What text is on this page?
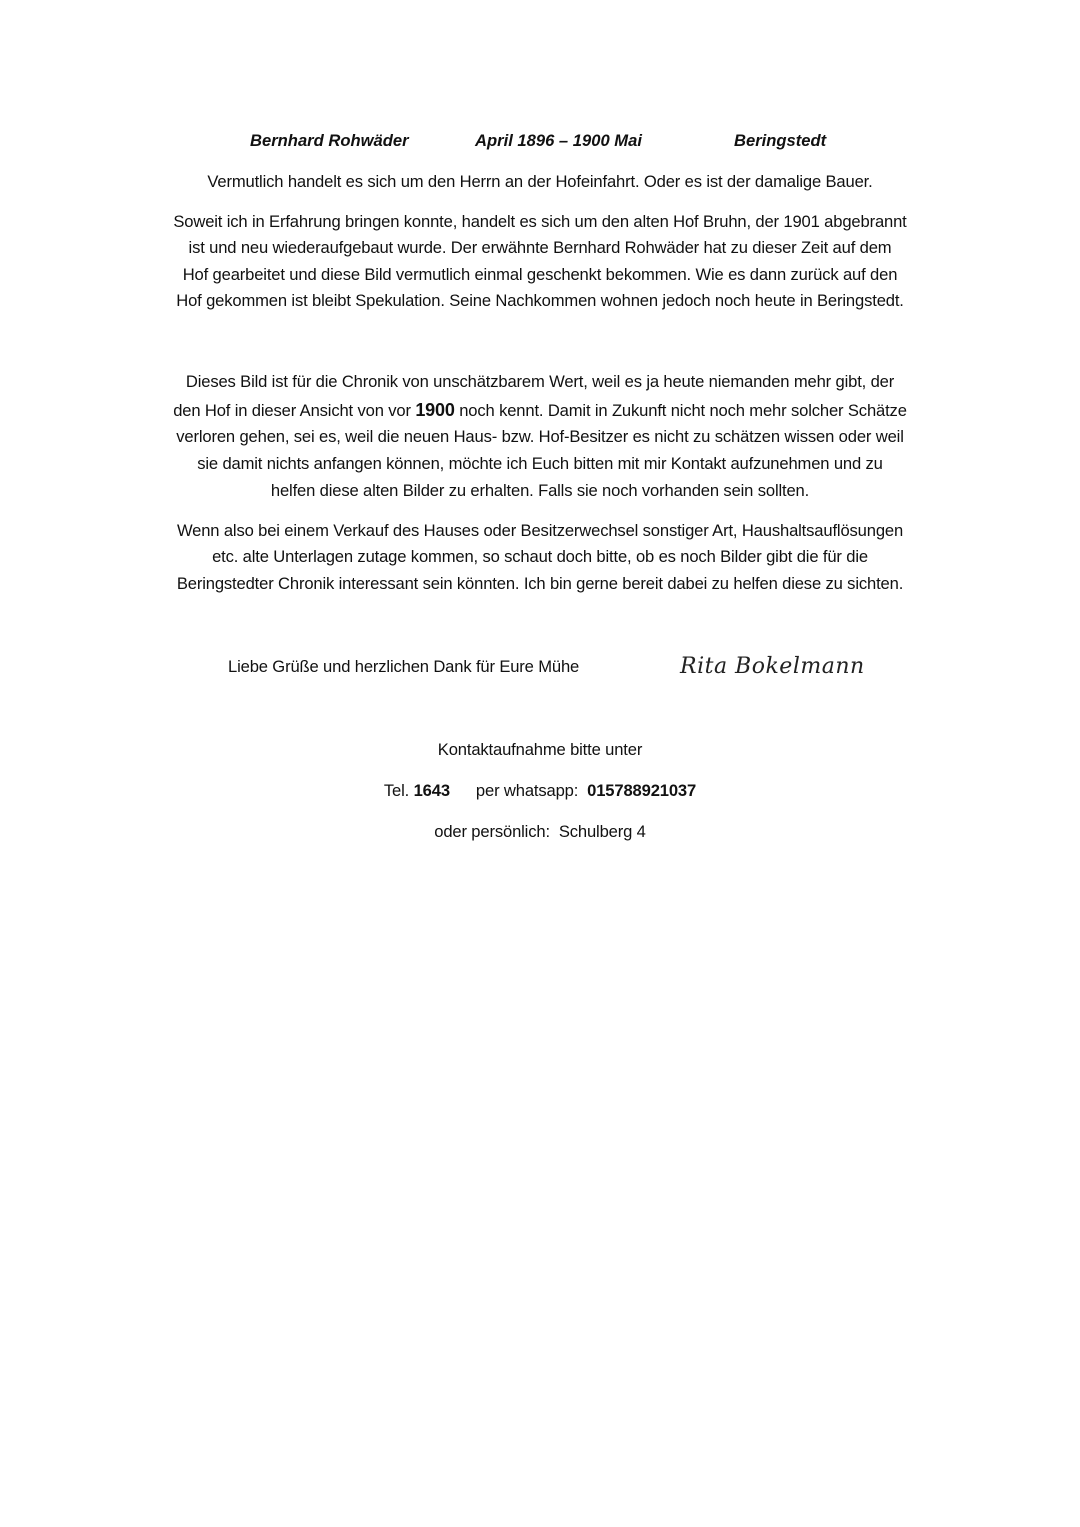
Bernhard Rohwäder	April 1896 – 1900 Mai	Beringstedt
Vermutlich handelt es sich um den Herrn an der Hofeinfahrt. Oder es ist der damalige Bauer.
Soweit ich in Erfahrung bringen konnte, handelt es sich um den alten Hof Bruhn, der 1901 abgebrannt
ist und neu wiederaufgebaut wurde. Der erwähnte Bernhard Rohwäder hat zu dieser Zeit auf dem
Hof gearbeitet und diese Bild vermutlich einmal geschenkt bekommen. Wie es dann zurück auf den
Hof gekommen ist bleibt Spekulation. Seine Nachkommen wohnen jedoch noch heute in Beringstedt.
Dieses Bild ist für die Chronik von unschätzbarem Wert, weil es ja heute niemanden mehr gibt, der
den Hof in dieser Ansicht von vor 1900 noch kennt. Damit in Zukunft nicht noch mehr solcher Schätze
verloren gehen, sei es, weil die neuen Haus- bzw. Hof-Besitzer es nicht zu schätzen wissen oder weil
sie damit nichts anfangen können, möchte ich Euch bitten mit mir Kontakt aufzunehmen und zu
helfen diese alten Bilder zu erhalten. Falls sie noch vorhanden sein sollten.
Wenn also bei einem Verkauf des Hauses oder Besitzerwechsel sonstiger Art, Haushaltsauflösungen
etc. alte Unterlagen zutage kommen, so schaut doch bitte, ob es noch Bilder gibt die für die
Beringstedter Chronik interessant sein könnten. Ich bin gerne bereit dabei zu helfen diese zu sichten.
Liebe Grüße und herzlichen Dank für Eure Mühe	Rita Bokelmann
Kontaktaufnahme bitte unter
Tel. 1643 per whatsapp:  015788921037
oder persönlich:  Schulberg 4
